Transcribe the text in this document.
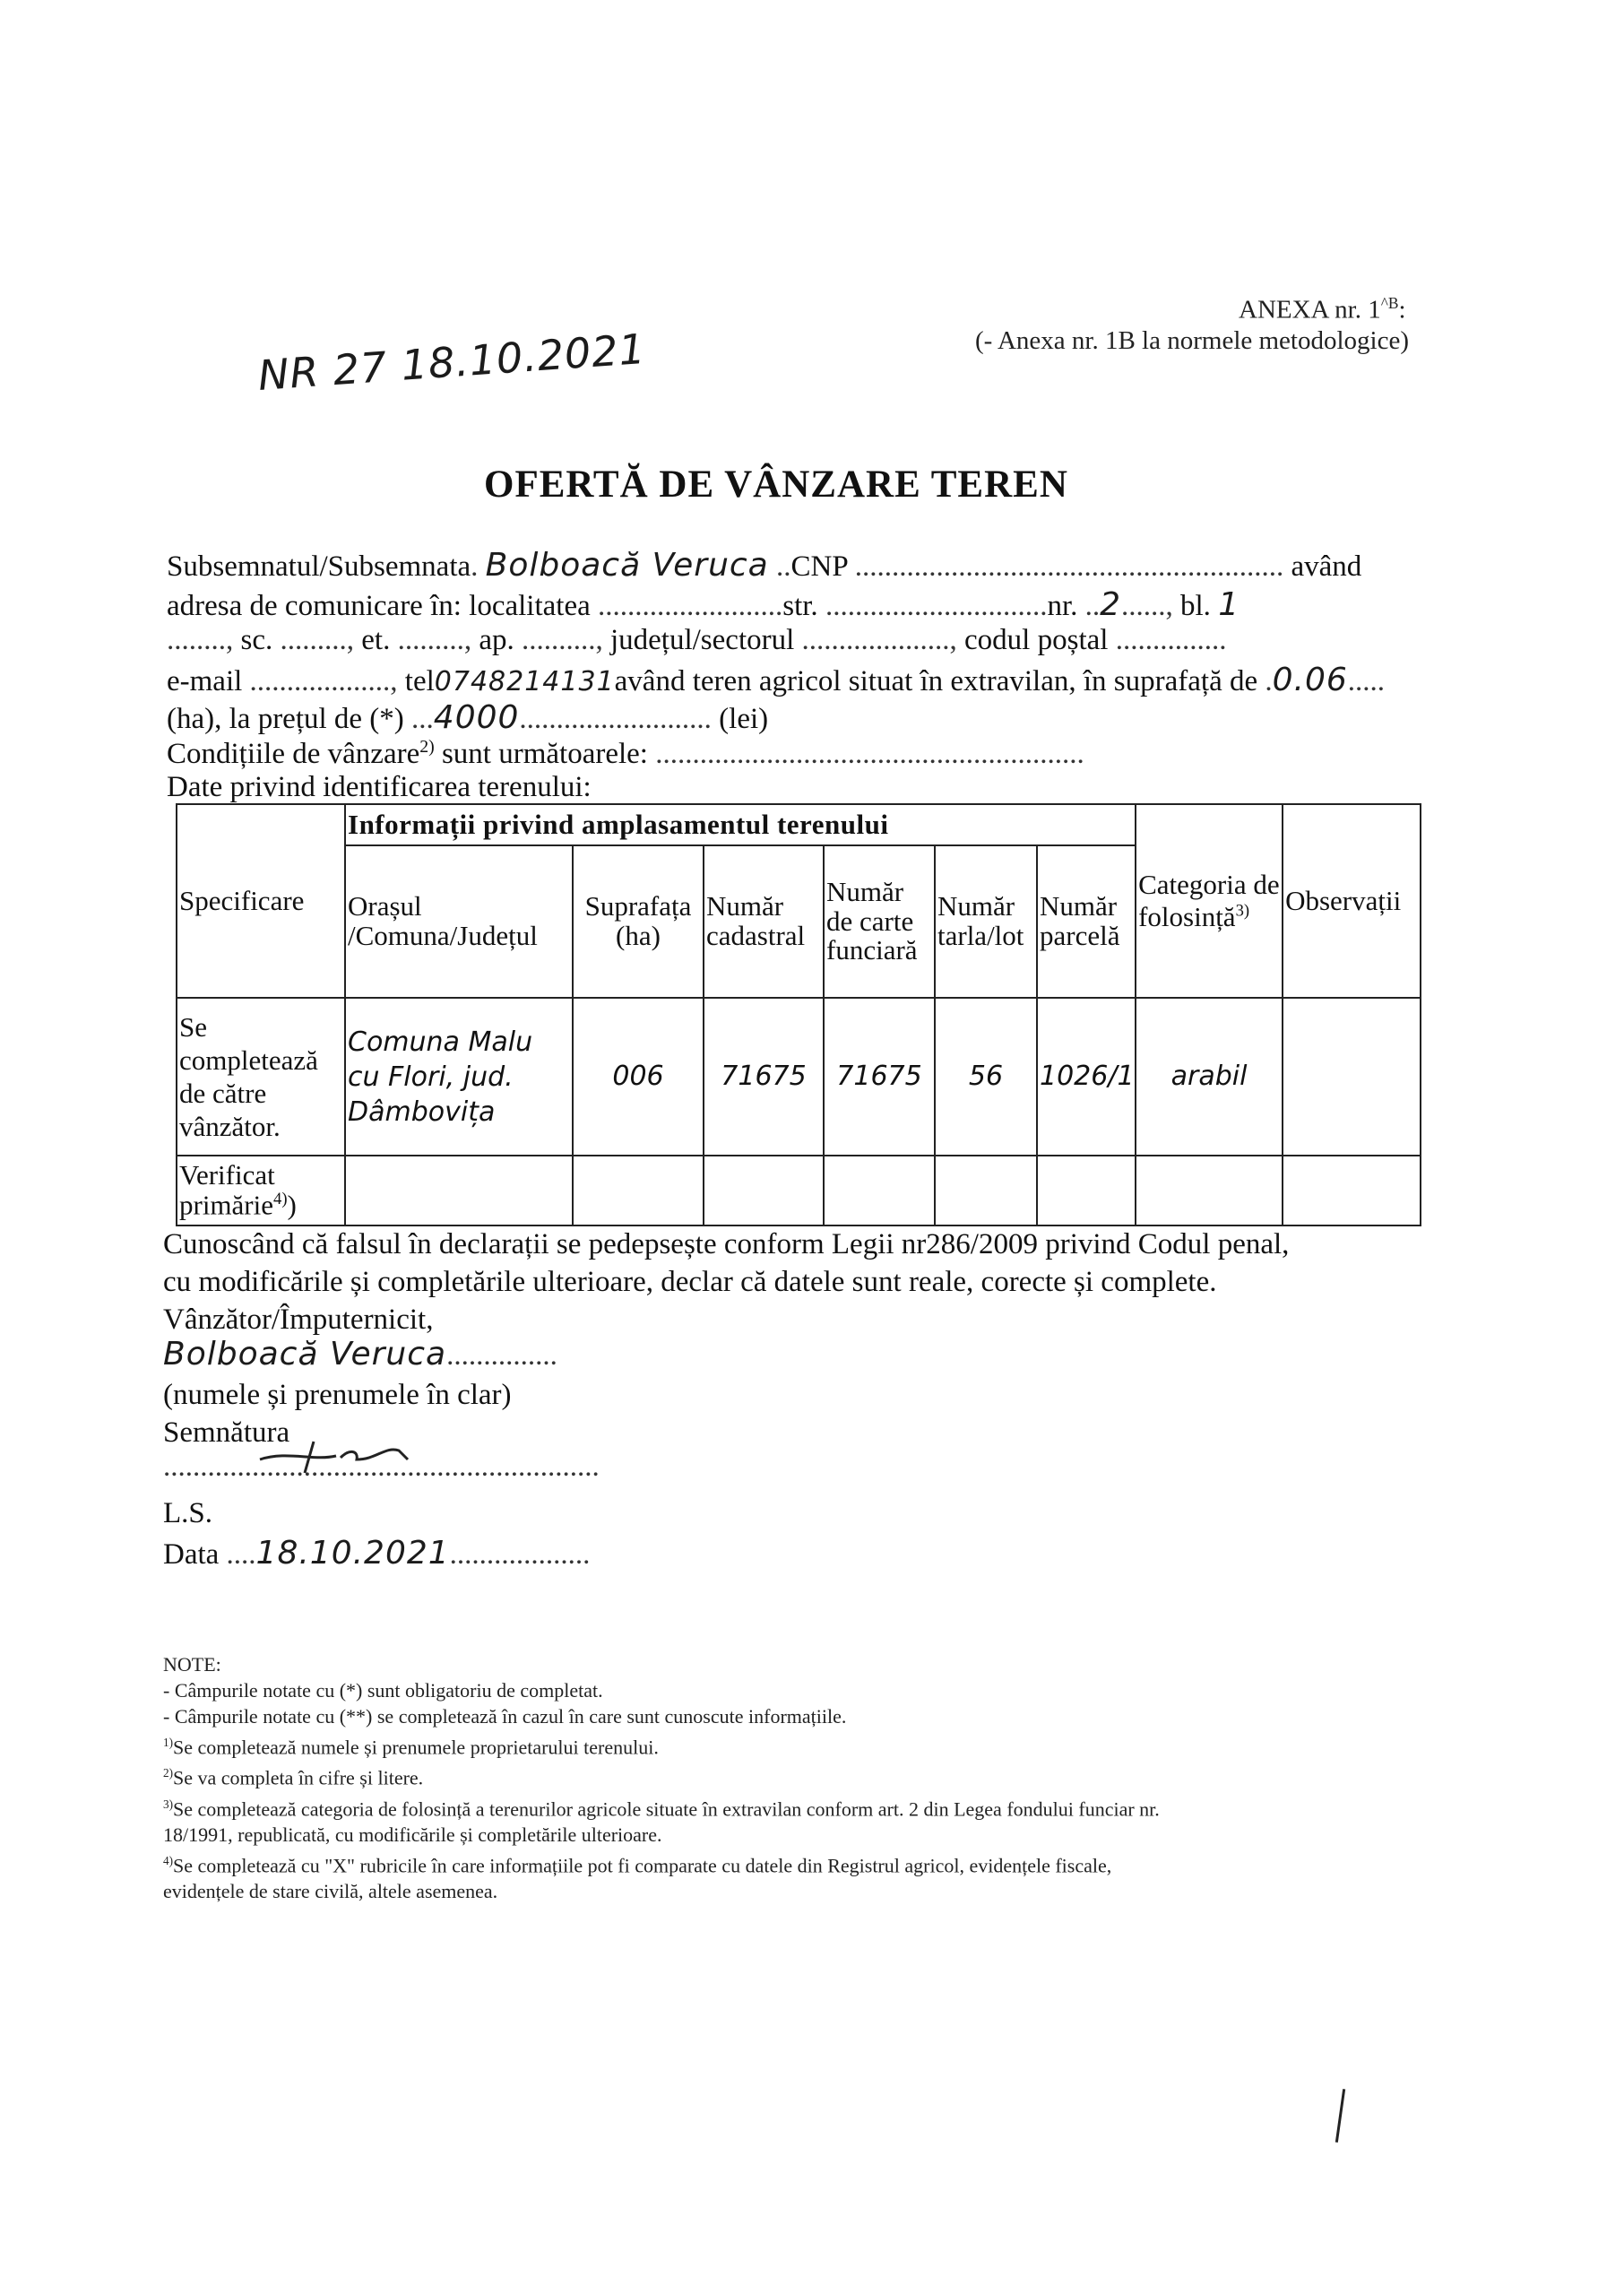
ANEXA nr. $1^{\^{}B}$:
(- Anexa nr. 1B la normele metodologice)
NR 27 18.10.2021
OFERTĂ DE VÂNZARE TEREN
Subsemnatul/Subsemnata. Bolboacă Veruca ..CNP .......................................................... având
adresa de comunicare în: localitatea .........................str. ..............................nr. ..2......, bl. 1
........, sc. ........., et. ........., ap. .........., județul/sectorul ...................., codul poștal ...............
e-mail ..................., tel0748214131având teren agricol situat în extravilan, în suprafață de .0.06.....
(ha), la prețul de (*) ...4000.......................... (lei)
Condițiile de vânzare$^{2)}$ sunt următoarele: ..........................................................
Date privind identificarea terenului:
Specificare	Informații privind amplasamentul terenului						Categoria de folosință$^{3)}$	Observații
	Orașul /Comuna/Județul	Suprafața (ha)	Număr cadastral	Număr de carte funciară	Număr tarla/lot	Număr parcelă		
Se completează de către vânzător.	Comuna Malu cu Flori, jud. Dâmbovița	006	71675	71675	56	1026/1	arabil	
Verificat primărie$^{4)}$)								
Cunoscând că falsul în declarații se pedepsește conform Legii nr286/2009 privind Codul penal,
cu modificările și completările ulterioare, declar că datele sunt reale, corecte și complete.
Vânzător/Împuternicit,
Bolboacă Veruca...............
(numele și prenumele în clar)
Semnătura
...........................................................
L.S.
Data ....18.10.2021...................
NOTE:
- Câmpurile notate cu (*) sunt obligatoriu de completat.
- Câmpurile notate cu (**) se completează în cazul în care sunt cunoscute informațiile.
$^{1)}$Se completează numele și prenumele proprietarului terenului.
$^{2)}$Se va completa în cifre și litere.
$^{3)}$Se completează categoria de folosință a terenurilor agricole situate în extravilan conform art. 2 din Legea fondului funciar nr.
18/1991, republicată, cu modificările și completările ulterioare.
$^{4)}$Se completează cu "X" rubricile în care informațiile pot fi comparate cu datele din Registrul agricol, evidențele fiscale,
evidențele de stare civilă, altele asemenea.
